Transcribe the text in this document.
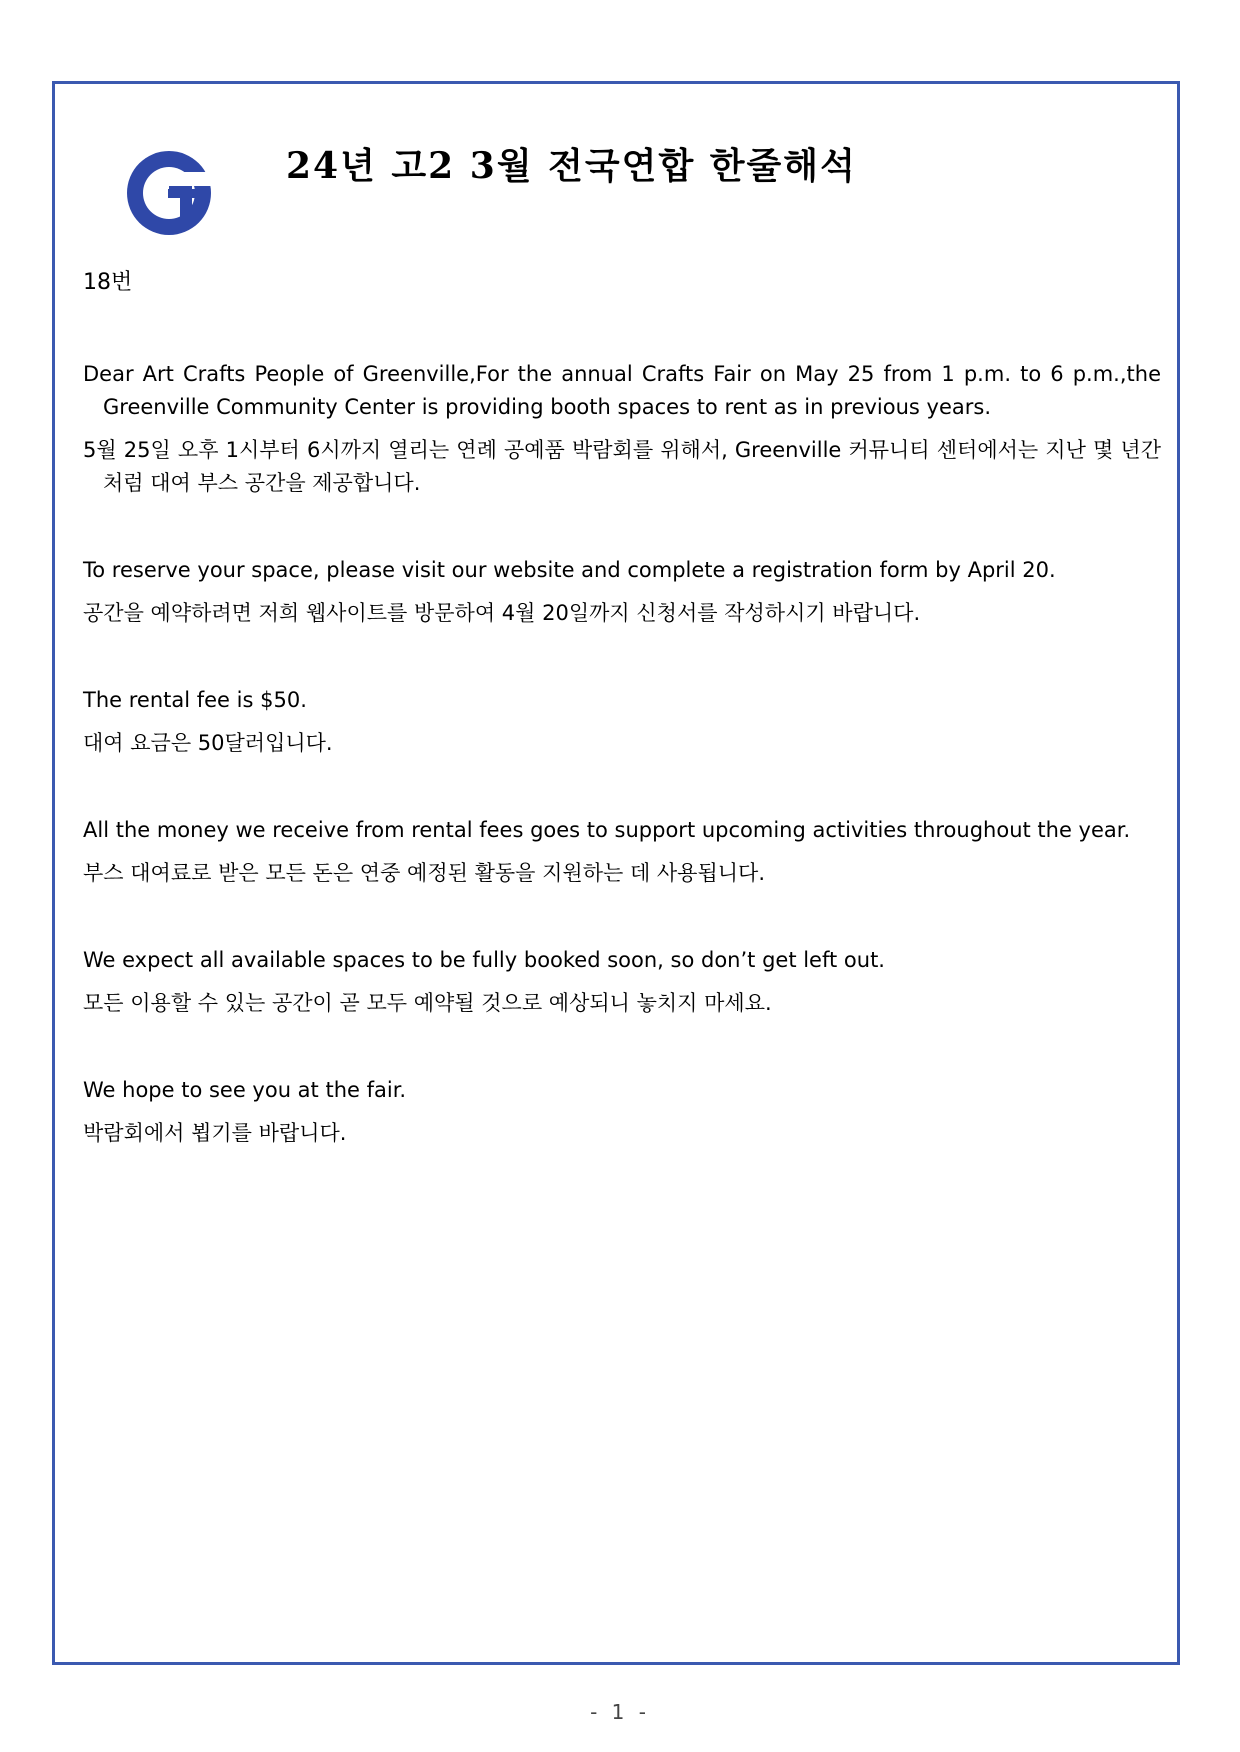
24년 고2 3월 전국연합 한줄해석
18번

Dear Art Crafts People of Greenville,For the annual Crafts Fair on May 25 from 1 p.m. to 6 p.m.,the Greenville Community Center is providing booth spaces to rent as in previous years.

5월 25일 오후 1시부터 6시까지 열리는 연례 공예품 박람회를 위해서, Greenville 커뮤니티 센터에서는 지난 몇 년간처럼 대여 부스 공간을 제공합니다.

To reserve your space, please visit our website and complete a registration form by April 20.

공간을 예약하려면 저희 웹사이트를 방문하여 4월 20일까지 신청서를 작성하시기 바랍니다.

The rental fee is $50.

대여 요금은 50달러입니다.

All the money we receive from rental fees goes to support upcoming activities throughout the year.

부스 대여료로 받은 모든 돈은 연중 예정된 활동을 지원하는 데 사용됩니다.

We expect all available spaces to be fully booked soon, so don’t get left out.

모든 이용할 수 있는 공간이 곧 모두 예약될 것으로 예상되니 놓치지 마세요.

We hope to see you at the fair.

박람회에서 뵙기를 바랍니다.

- 1 -
